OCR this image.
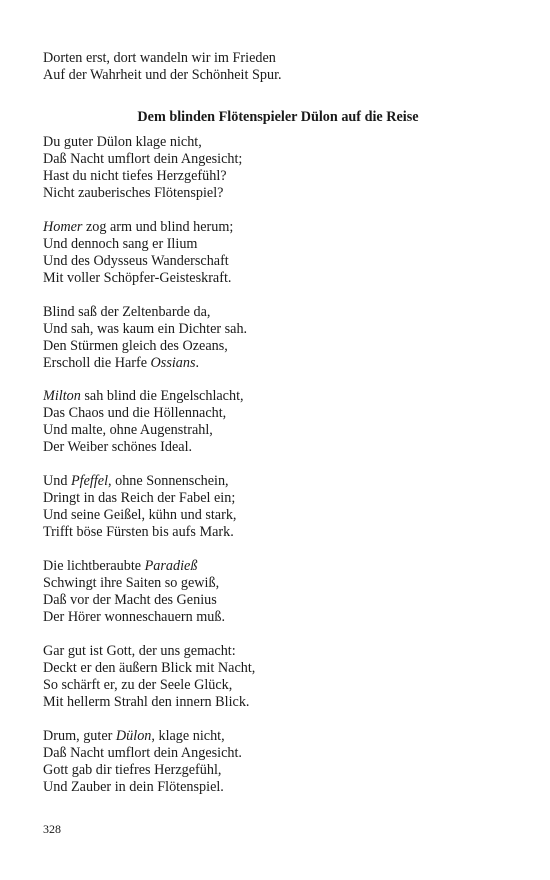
Dorten erst, dort wandeln wir im Frieden
Auf der Wahrheit und der Schönheit Spur.
Dem blinden Flötenspieler Dülon auf die Reise
Du guter Dülon klage nicht,
Daß Nacht umflort dein Angesicht;
Hast du nicht tiefes Herzgefühl?
Nicht zauberisches Flötenspiel?
Homer zog arm und blind herum;
Und dennoch sang er Ilium
Und des Odysseus Wanderschaft
Mit voller Schöpfer-Geisteskraft.
Blind saß der Zeltenbarde da,
Und sah, was kaum ein Dichter sah.
Den Stürmen gleich des Ozeans,
Erscholl die Harfe Ossians.
Milton sah blind die Engelschlacht,
Das Chaos und die Höllennacht,
Und malte, ohne Augenstrahl,
Der Weiber schönes Ideal.
Und Pfeffel, ohne Sonnenschein,
Dringt in das Reich der Fabel ein;
Und seine Geißel, kühn und stark,
Trifft böse Fürsten bis aufs Mark.
Die lichtberaubte Paradieß
Schwingt ihre Saiten so gewiß,
Daß vor der Macht des Genius
Der Hörer wonneschauern muß.
Gar gut ist Gott, der uns gemacht:
Deckt er den äußern Blick mit Nacht,
So schärft er, zu der Seele Glück,
Mit hellerm Strahl den innern Blick.
Drum, guter Dülon, klage nicht,
Daß Nacht umflort dein Angesicht.
Gott gab dir tiefres Herzgefühl,
Und Zauber in dein Flötenspiel.
328
